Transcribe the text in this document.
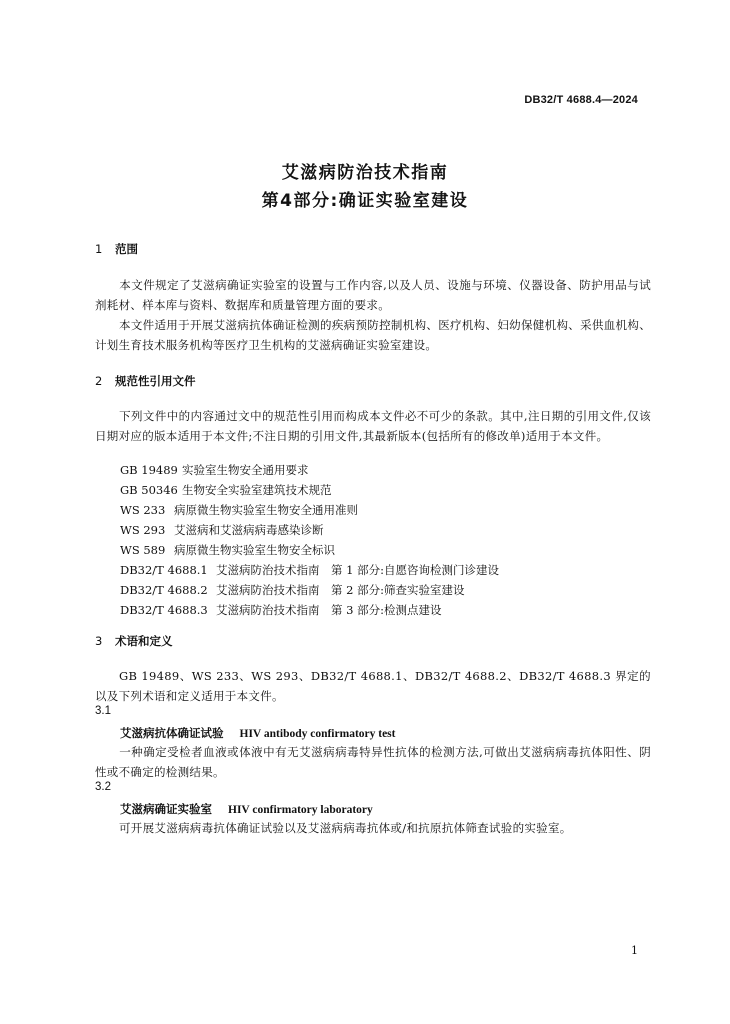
DB32/T 4688.4—2024
艾滋病防治技术指南
第4部分:确证实验室建设
1 范围
本文件规定了艾滋病确证实验室的设置与工作内容,以及人员、设施与环境、仪器设备、防护用品与试剂耗材、样本库与资料、数据库和质量管理方面的要求。
本文件适用于开展艾滋病抗体确证检测的疾病预防控制机构、医疗机构、妇幼保健机构、采供血机构、计划生育技术服务机构等医疗卫生机构的艾滋病确证实验室建设。
2 规范性引用文件
下列文件中的内容通过文中的规范性引用而构成本文件必不可少的条款。其中,注日期的引用文件,仅该日期对应的版本适用于本文件;不注日期的引用文件,其最新版本(包括所有的修改单)适用于本文件。
GB 19489 实验室生物安全通用要求
GB 50346 生物安全实验室建筑技术规范
WS 233 病原微生物实验室生物安全通用准则
WS 293 艾滋病和艾滋病病毒感染诊断
WS 589 病原微生物实验室生物安全标识
DB32/T 4688.1 艾滋病防治技术指南　第 1 部分:自愿咨询检测门诊建设
DB32/T 4688.2 艾滋病防治技术指南　第 2 部分:筛查实验室建设
DB32/T 4688.3 艾滋病防治技术指南　第 3 部分:检测点建设
3 术语和定义
GB 19489、WS 233、WS 293、DB32/T 4688.1、DB32/T 4688.2、DB32/T 4688.3 界定的以及下列术语和定义适用于本文件。
3.1
艾滋病抗体确证试验 HIV antibody confirmatory test
一种确定受检者血液或体液中有无艾滋病病毒特异性抗体的检测方法,可做出艾滋病病毒抗体阳性、阴性或不确定的检测结果。
3.2
艾滋病确证实验室 HIV confirmatory laboratory
可开展艾滋病病毒抗体确证试验以及艾滋病病毒抗体或/和抗原抗体筛查试验的实验室。
1
